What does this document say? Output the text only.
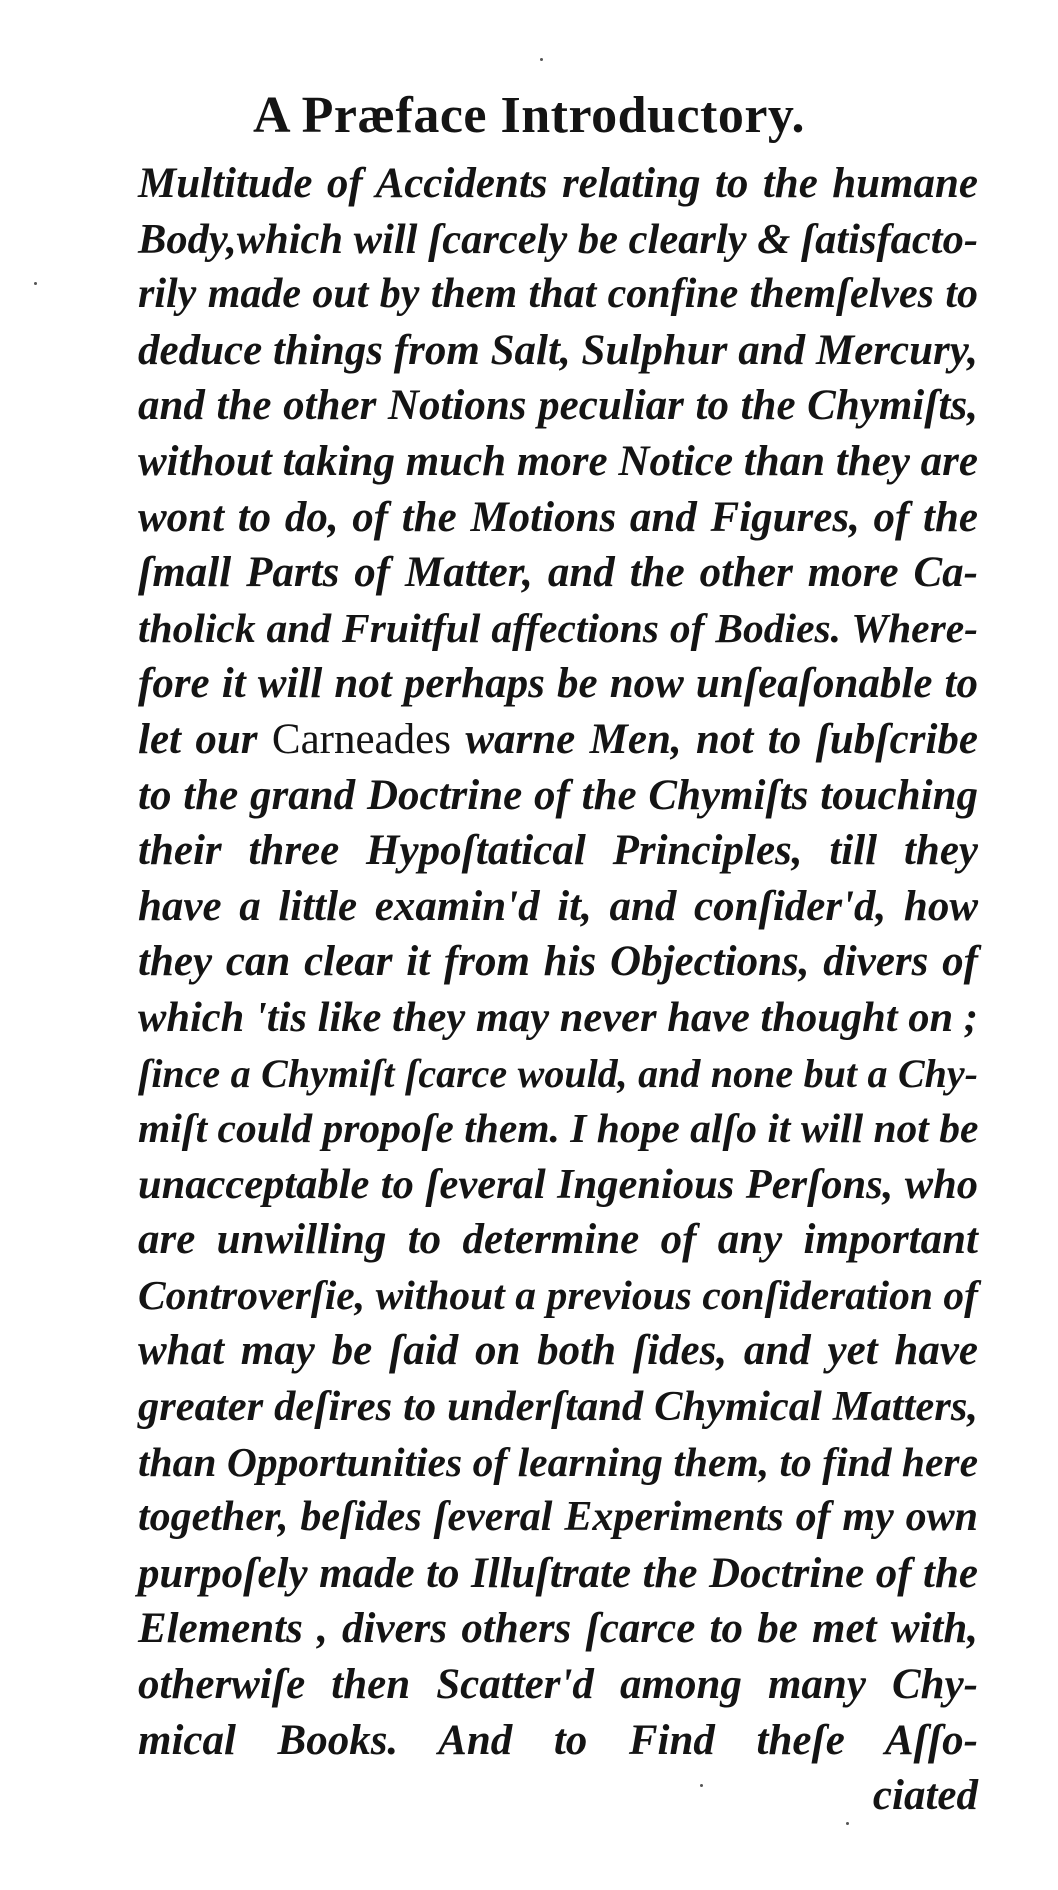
A Præface Introductory.
Multitude of Accidents relating to the humane
Body,which will ſcarcely be clearly & ſatisfacto-
rily made out by them that confine themſelves to
deduce things from Salt, Sulphur and Mercury,
and the other Notions peculiar to the Chymiſts,
without taking much more Notice than they are
wont to do, of the Motions and Figures, of the
ſmall Parts of Matter, and the other more Ca-
tholick and Fruitful affections of Bodies. Where-
fore it will not perhaps be now unſeaſonable to
let our Carneades warne Men, not to ſubſcribe
to the grand Doctrine of the Chymiſts touching
their three Hypoſtatical Principles, till they
have a little examin'd it, and conſider'd, how
they can clear it from his Objections, divers of
which 'tis like they may never have thought on ;
ſince a Chymiſt ſcarce would, and none but a Chy-
miſt could propoſe them. I hope alſo it will not be
unacceptable to ſeveral Ingenious Perſons, who
are unwilling to determine of any important
Controverſie, without a previous conſideration of
what may be ſaid on both ſides, and yet have
greater deſires to underſtand Chymical Matters,
than Opportunities of learning them, to find here
together, beſides ſeveral Experiments of my own
purpoſely made to Illuſtrate the Doctrine of the
Elements , divers others ſcarce to be met with,
otherwiſe then Scatter'd among many Chy-
mical Books. And to Find theſe Aſſo-
ciated
